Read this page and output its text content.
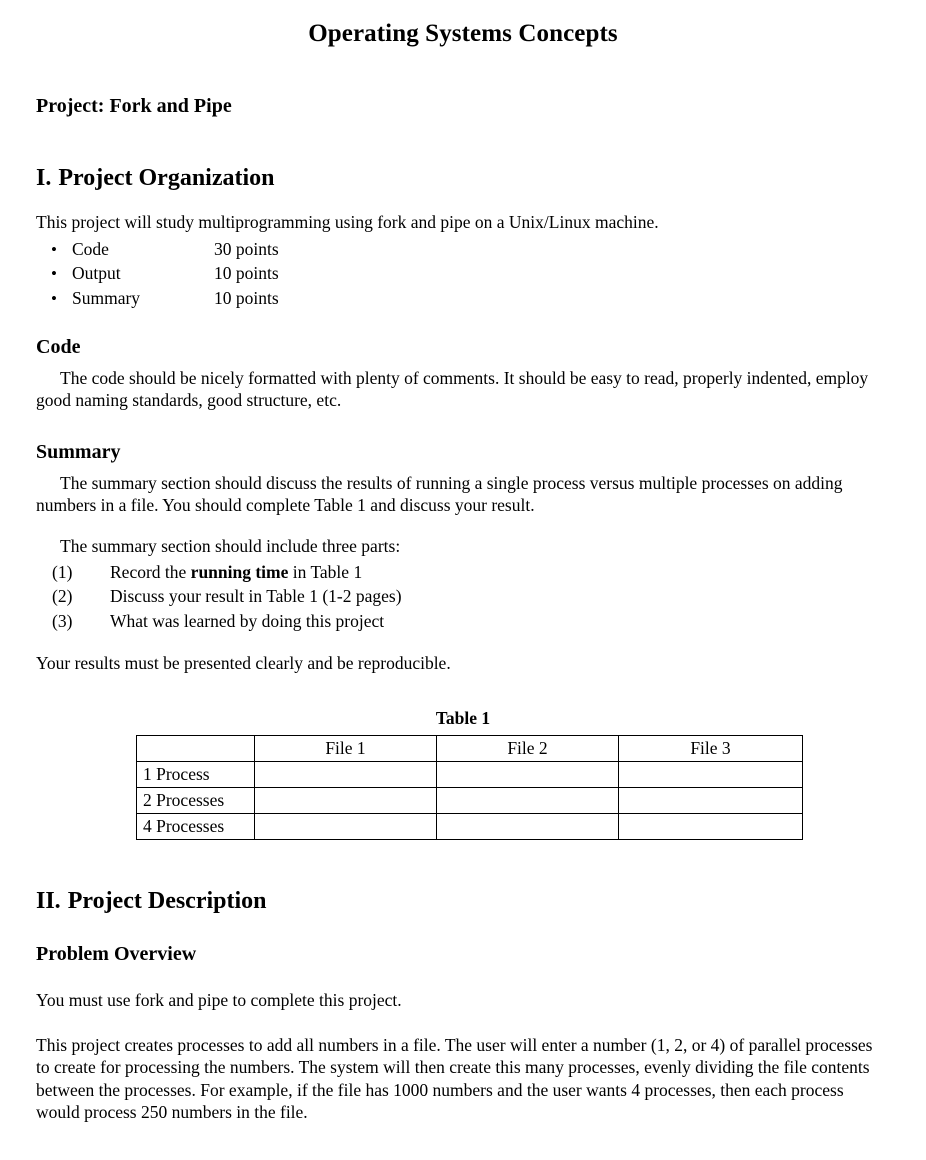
Operating Systems Concepts
Project: Fork and Pipe
I. Project Organization

This project will study multiprogramming using fork and pipe on a Unix/Linux machine.

• Code	30 points
• Output	10 points
• Summary	10 points
Code

The code should be nicely formatted with plenty of comments. It should be easy to read, properly indented, employ good naming standards, good structure, etc.

Summary

The summary section should discuss the results of running a single process versus multiple processes on adding numbers in a file. You should complete Table 1 and discuss your result.

The summary section should include three parts:

(1)	Record the running time in Table 1
(2)	Discuss your result in Table 1 (1-2 pages)
(3)	What was learned by doing this project

Your results must be presented clearly and be reproducible.

Table 1
	File 1	File 2	File 3
1 Process			
2 Processes			
4 Processes			
II. Project Description
Problem Overview

You must use fork and pipe to complete this project.

This project creates processes to add all numbers in a file. The user will enter a number (1, 2, or 4) of parallel processes to create for processing the numbers. The system will then create this many processes, evenly dividing the file contents between the processes. For example, if the file has 1000 numbers and the user wants 4 processes, then each process would process 250 numbers in the file.
